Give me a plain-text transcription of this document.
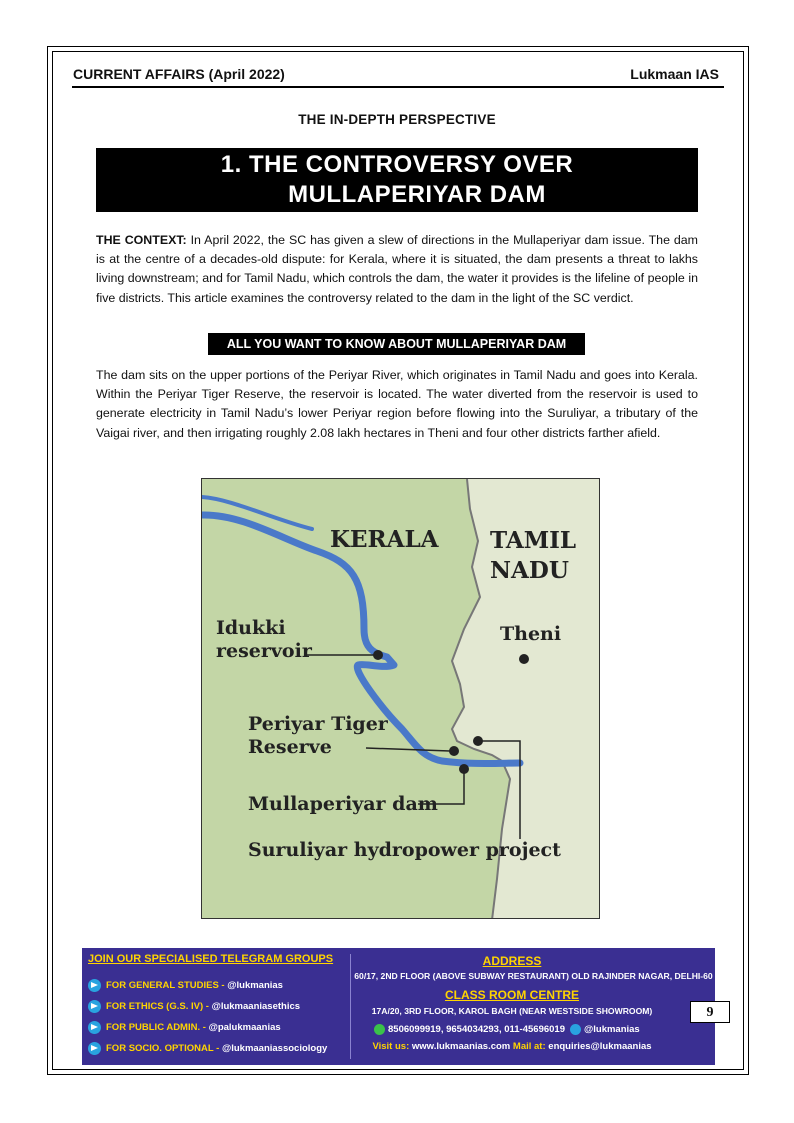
CURRENT AFFAIRS (April 2022)	Lukmaan IAS
THE IN-DEPTH PERSPECTIVE
1. THE CONTROVERSY OVER
MULLAPERIYAR DAM
THE CONTEXT: In April 2022, the SC has given a slew of directions in the Mullaperiyar dam issue. The dam is at the centre of a decades-old dispute: for Kerala, where it is situated, the dam presents a threat to lakhs living downstream; and for Tamil Nadu, which controls the dam, the water it provides is the lifeline of people in five districts. This article examines the controversy related to the dam in the light of the SC verdict.
ALL YOU WANT TO KNOW ABOUT MULLAPERIYAR DAM
The dam sits on the upper portions of the Periyar River, which originates in Tamil Nadu and goes into Kerala. Within the Periyar Tiger Reserve, the reservoir is located. The water diverted from the reservoir is used to generate electricity in Tamil Nadu’s lower Periyar region before flowing into the Suruliyar, a tributary of the Vaigai river, and then irrigating roughly 2.08 lakh hectares in Theni and four other districts farther afield.
KERALA TAMIL
NADU
Theni
Idukki
reservoir
Periyar Tiger
Reserve
Mullaperiyar dam
Suruliyar hydropower project
JOIN OUR SPECIALISED TELEGRAM GROUPS
FOR GENERAL STUDIES - @lukmanias
FOR ETHICS (G.S. IV) - @lukmaaniasethics
FOR PUBLIC ADMIN. - @palukmaanias
FOR SOCIO. OPTIONAL - @lukmaaniassociology
ADDRESS
60/17, 2ND FLOOR (ABOVE SUBWAY RESTAURANT) OLD RAJINDER NAGAR, DELHI-60
CLASS ROOM CENTRE
17A/20, 3RD FLOOR, KAROL BAGH (NEAR WESTSIDE SHOWROOM)
8506099919, 9654034293, 011-45696019 @lukmanias
Visit us: www.lukmaanias.com Mail at: enquiries@lukmaanias
9
